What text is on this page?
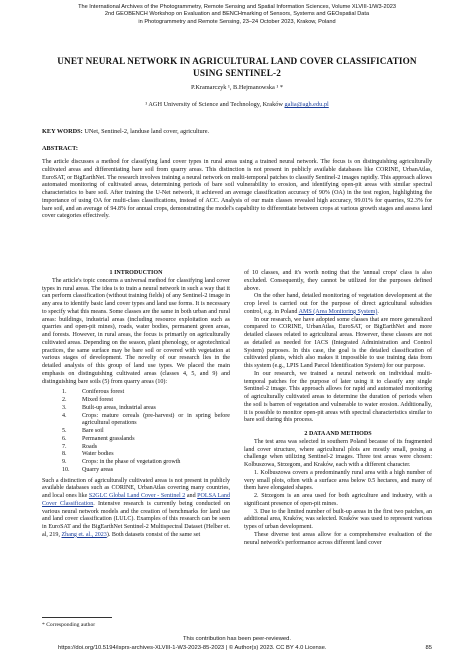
The International Archives of the Photogrammetry, Remote Sensing and Spatial Information Sciences, Volume XLVIII-1/W3-2023
2nd GEOBENCH Workshop on Evaluation and BENCHmarking of Sensors, Systems and GEOspatial Data
in Photogrammetry and Remote Sensing, 23–24 October 2023, Krakow, Poland
UNET NEURAL NETWORK IN AGRICULTURAL LAND COVER CLASSIFICATION
USING SENTINEL-2
P.Kramarczyk ¹, B.Hejmanowska ¹ *
¹ AGH University of Science and Technology, Kraków galia@agh.edu.pl
KEY WORDS: UNet, Sentinel-2, landuse land cover, agriculture.
ABSTRACT:
The article discusses a method for classifying land cover types in rural areas using a trained neural network. The focus is on distinguishing agriculturally cultivated areas and differentiating bare soil from quarry areas. This distinction is not present in publicly available databases like CORINE, UrbanAtlas, EuroSAT, or BigEarthNet. The research involves training a neural network on multi-temporal patches to classify Sentinel-2 images rapidly. This approach allows automated monitoring of cultivated areas, determining periods of bare soil vulnerability to erosion, and identifying open-pit areas with similar spectral characteristics to bare soil. After training the U-Net network, it achieved an average classification accuracy of 90% (OA) in the test region, highlighting the importance of using OA for multi-class classifications, instead of ACC. Analysis of our main classes revealed high accuracy, 99.01% for quarries, 92.3% for bare soil, and an average of 94.8% for annual crops, demonstrating the model's capability to differentiate between crops at various growth stages and assess land cover categories effectively.

1 INTRODUCTION

The article's topic concerns a universal method for classifying land cover types in rural areas. The idea is to train a neural network in such a way that it can perform classification (without training fields) of any Sentinel-2 image in any area to identify basic land cover types and land use forms. It is necessary to specify what this means. Some classes are the same in both urban and rural areas: buildings, industrial areas (including resource exploitation such as quarries and open-pit mines), roads, water bodies, permanent green areas, and forests. However, in rural areas, the focus is primarily on agriculturally cultivated areas. Depending on the season, plant phenology, or agrotechnical practices, the same surface may be bare soil or covered with vegetation at various stages of development. The novelty of our research lies in the detailed analysis of this group of land use types. We placed the main emphasis on distinguishing cultivated areas (classes 4, 5, and 9) and distinguishing bare soils (5) from quarry areas (10):

1.	Coniferous forest
2.	Mixed forest
3.	Built-up areas, industrial areas
4.	Crops: mature cereals (pre-harvest) or in spring before agricultural operations
5.	Bare soil
6.	Permanent grasslands
7.	Roads
8.	Water bodies
9.	Crops: in the phase of vegetation growth
10. Quarry areas

Such a distinction of agriculturally cultivated areas is not present in publicly available databases such as CORINE, UrbanAtlas covering many countries, and local ones like S2GLC Global Land Cover - Sentinel 2 and POLSA Land Cover Classification. Intensive research is currently being conducted on various neural network models and the creation of benchmarks for land use and land cover classification (LULC). Examples of this research can be seen in EuroSAT and the BigEarthNet Sentinel-2 Multispectral Dataset (Helber et. al, 219, Zhang et. al., 2023). Both datasets consist of the same set

of 10 classes, and it's worth noting that the 'annual crops' class is also excluded. Consequently, they cannot be utilized for the purposes defined above.

On the other hand, detailed monitoring of vegetation development at the crop level is carried out for the purpose of direct agricultural subsidies control, e.g. in Poland AMS (Area Monitoring System).

In our research, we have adopted some classes that are more generalized compared to CORINE, UrbanAtlas, EuroSAT, or BigEarthNet and more detailed classes related to agricultural areas. However, these classes are not as detailed as needed for IACS (Integrated Administration and Control System) purposes. In this case, the goal is the detailed classification of cultivated plants, which also makes it impossible to use training data from this system (e.g., LPIS Land Parcel Identification System) for our purpose.

In our research, we trained a neural network on individual multi-temporal patches for the purpose of later using it to classify any single Sentinel-2 image. This approach allows for rapid and automated monitoring of agriculturally cultivated areas to determine the duration of periods when the soil is barren of vegetation and vulnerable to water erosion. Additionally, it is possible to monitor open-pit areas with spectral characteristics similar to bare soil during this process.

2 DATA AND METHODS

The test area was selected in southern Poland because of its fragmented land cover structure, where agricultural plots are mostly small, posing a challenge when utilizing Sentinel-2 images. Three test areas were chosen: Kolbuszowa, Strzegom, and Kraków, each with a different character.

1. Kolbuszowa covers a predominantly rural area with a high number of very small plots, often with a surface area below 0.5 hectares, and many of them have elongated shapes.

2. Strzegom is an area used for both agriculture and industry, with a significant presence of open-pit mines.

3. Due to the limited number of built-up areas in the first two patches, an additional area, Kraków, was selected. Kraków was used to represent various types of urban development.

These diverse test areas allow for a comprehensive evaluation of the neural network's performance across different land cover

* Corresponding author
This contribution has been peer-reviewed.
https://doi.org/10.5194/isprs-archives-XLVIII-1-W3-2023-85-2023 | © Author(s) 2023. CC BY 4.0 License.	85
